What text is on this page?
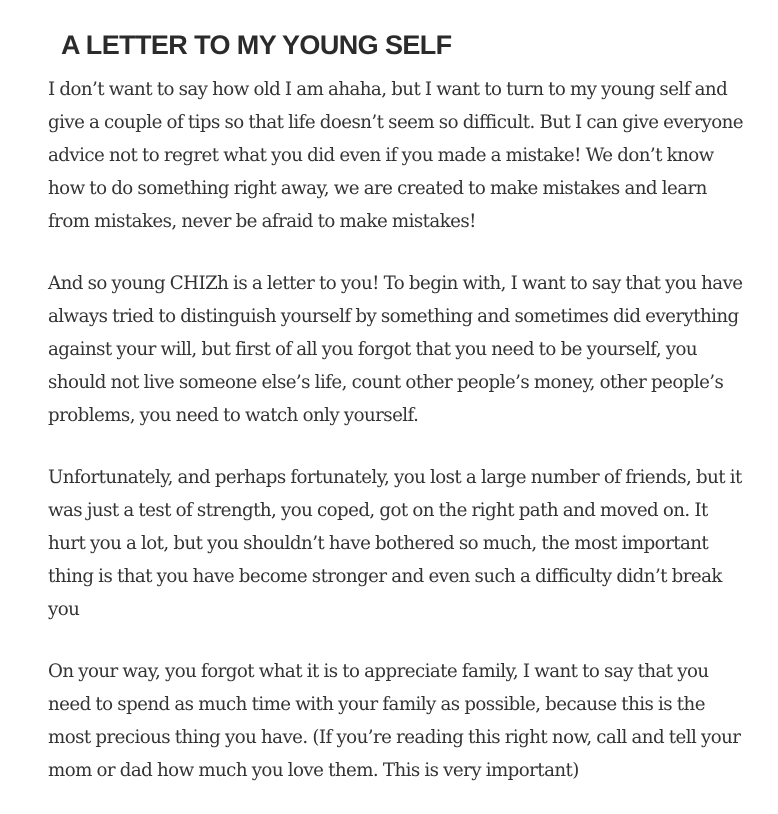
A LETTER TO MY YOUNG SELF

I don’t want to say how old I am ahaha, but I want to turn to my young self and give a couple of tips so that life doesn’t seem so difficult. But I can give everyone advice not to regret what you did even if you made a mistake! We don’t know how to do something right away, we are created to make mistakes and learn from mistakes, never be afraid to make mistakes!

And so young CHIZh is a letter to you! To begin with, I want to say that you have always tried to distinguish yourself by something and sometimes did everything against your will, but first of all you forgot that you need to be yourself, you should not live someone else’s life, count other people’s money, other people’s problems, you need to watch only yourself.

Unfortunately, and perhaps fortunately, you lost a large number of friends, but it was just a test of strength, you coped, got on the right path and moved on. It hurt you a lot, but you shouldn’t have bothered so much, the most important thing is that you have become stronger and even such a difficulty didn’t break you

On your way, you forgot what it is to appreciate family, I want to say that you need to spend as much time with your family as possible, because this is the most precious thing you have. (If you’re reading this right now, call and tell your mom or dad how much you love them. This is very important)
